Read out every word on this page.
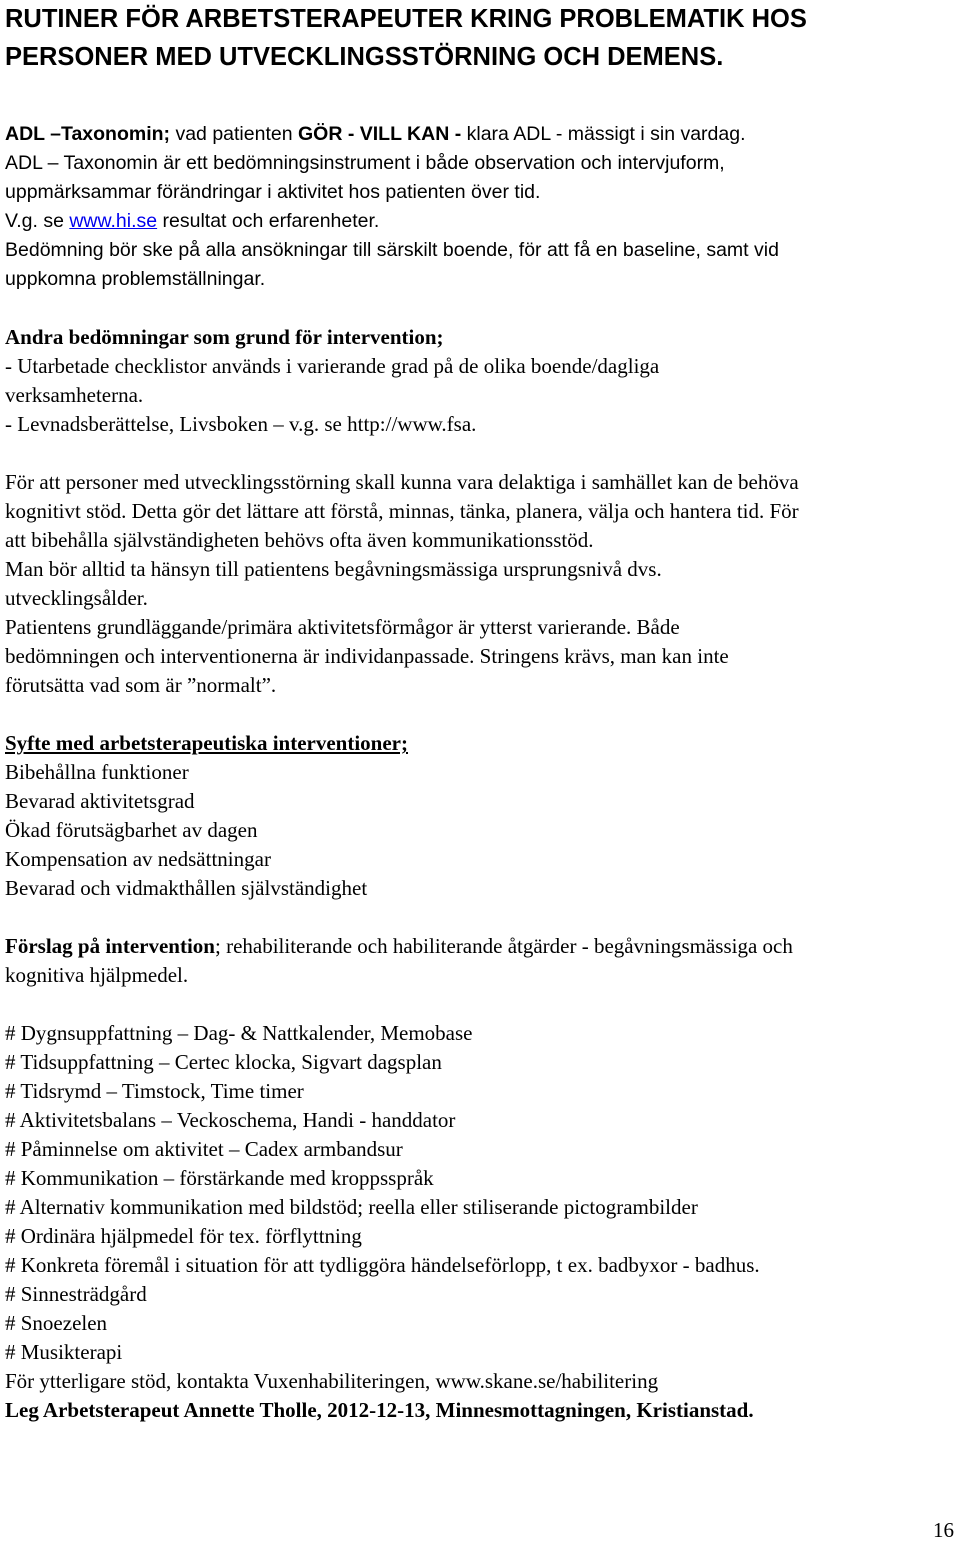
RUTINER FÖR ARBETSTERAPEUTER KRING PROBLEMATIK HOS
PERSONER MED UTVECKLINGSSTÖRNING OCH DEMENS.

ADL –Taxonomin; vad patienten GÖR - VILL KAN - klara ADL - mässigt i sin vardag.

ADL – Taxonomin är ett bedömningsinstrument i både observation och intervjuform,

uppmärksammar förändringar i aktivitet hos patienten över tid.

V.g. se www.hi.se resultat och erfarenheter.

Bedömning bör ske på alla ansökningar till särskilt boende, för att få en baseline, samt vid

uppkomna problemställningar.

Andra bedömningar som grund för intervention;

- Utarbetade checklistor används i varierande grad på de olika boende/dagliga

verksamheterna.

- Levnadsberättelse, Livsboken – v.g. se http://www.fsa.

För att personer med utvecklingsstörning skall kunna vara delaktiga i samhället kan de behöva

kognitivt stöd. Detta gör det lättare att förstå, minnas, tänka, planera, välja och hantera tid. För

att bibehålla självständigheten behövs ofta även kommunikationsstöd.

Man bör alltid ta hänsyn till patientens begåvningsmässiga ursprungsnivå dvs.

utvecklingsålder.

Patientens grundläggande/primära aktivitetsförmågor är ytterst varierande. Både

bedömningen och interventionerna är individanpassade. Stringens krävs, man kan inte

förutsätta vad som är ”normalt”.

Syfte med arbetsterapeutiska interventioner;

Bibehållna funktioner

Bevarad aktivitetsgrad

Ökad förutsägbarhet av dagen

Kompensation av nedsättningar

Bevarad och vidmakthållen självständighet

Förslag på intervention; rehabiliterande och habiliterande åtgärder - begåvningsmässiga och

kognitiva hjälpmedel.

# Dygnsuppfattning – Dag- & Nattkalender, Memobase

# Tidsuppfattning – Certec klocka, Sigvart dagsplan

# Tidsrymd – Timstock, Time timer

# Aktivitetsbalans – Veckoschema, Handi - handdator

# Påminnelse om aktivitet – Cadex armbandsur

# Kommunikation – förstärkande med kroppsspråk

# Alternativ kommunikation med bildstöd; reella eller stiliserande pictogrambilder

# Ordinära hjälpmedel för tex. förflyttning

# Konkreta föremål i situation för att tydliggöra händelseförlopp, t ex. badbyxor - badhus.

# Sinnesträdgård

# Snoezelen

# Musikterapi

För ytterligare stöd, kontakta Vuxenhabiliteringen, www.skane.se/habilitering

Leg Arbetsterapeut Annette Tholle, 2012-12-13, Minnesmottagningen, Kristianstad.

16
